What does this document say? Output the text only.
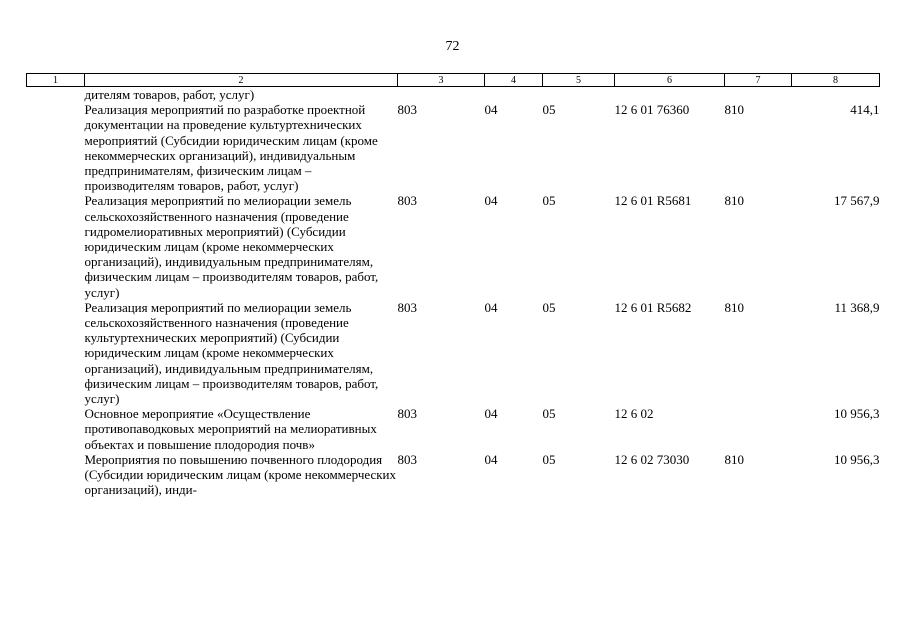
72
1	2	3	4	5	6	7	8
	дителям товаров, работ, услуг)						
	Реализация мероприятий по разработке проектной документации на проведение культуртехнических мероприятий (Субсидии юридическим лицам (кроме некоммерческих организаций), индивидуальным предпринимателям, физическим лицам – производителям товаров, работ, услуг)	803	04	05	12 6 01 76360	810	414,1
	Реализация мероприятий по мелиорации земель сельскохозяйственного назначения (проведение гидромелиоративных мероприятий) (Субсидии юридическим лицам (кроме некоммерческих организаций), индивидуальным предпринимателям, физическим лицам – производителям товаров, работ, услуг)	803	04	05	12 6 01 R5681	810	17 567,9
	Реализация мероприятий по мелиорации земель сельскохозяйственного назначения (проведение культуртехнических мероприятий) (Субсидии юридическим лицам (кроме некоммерческих организаций), индивидуальным предпринимателям, физическим лицам – производителям товаров, работ, услуг)	803	04	05	12 6 01 R5682	810	11 368,9
	Основное мероприятие «Осуществление противопаводковых мероприятий на мелиоративных объектах и повышение плодородия почв»	803	04	05	12 6 02		10 956,3
	Мероприятия по повышению почвенного плодородия (Субсидии юридическим лицам (кроме некоммерческих организаций), инди-	803	04	05	12 6 02 73030	810	10 956,3
